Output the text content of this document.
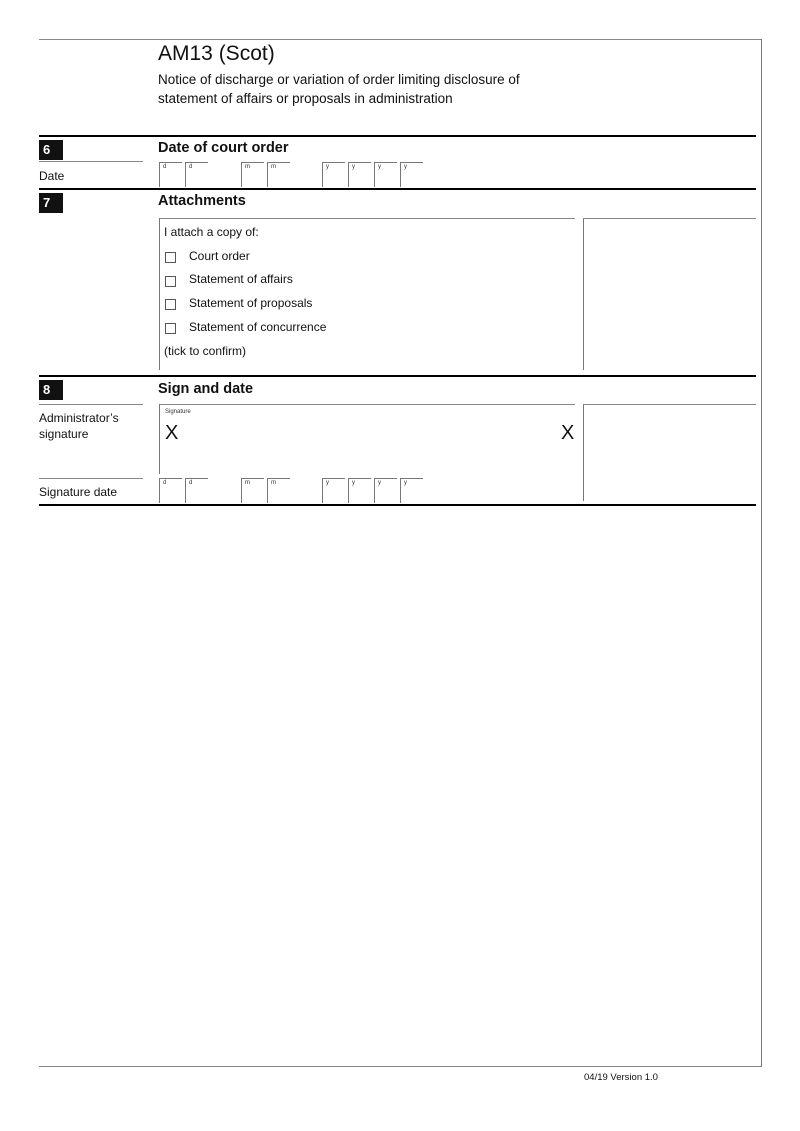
AM13 (Scot)
Notice of discharge or variation of order limiting disclosure of statement of affairs or proposals in administration
6	Date of court order
Date
d	d	m	m	y	y	y	y
7	Attachments
I attach a copy of:
Court order
Statement of affairs
Statement of proposals
Statement of concurrence
(tick to confirm)
8	Sign and date
Administrator’s signature
Signature
X	X
Signature date
d	d	m	m	y	y	y	y
04/19 Version 1.0
